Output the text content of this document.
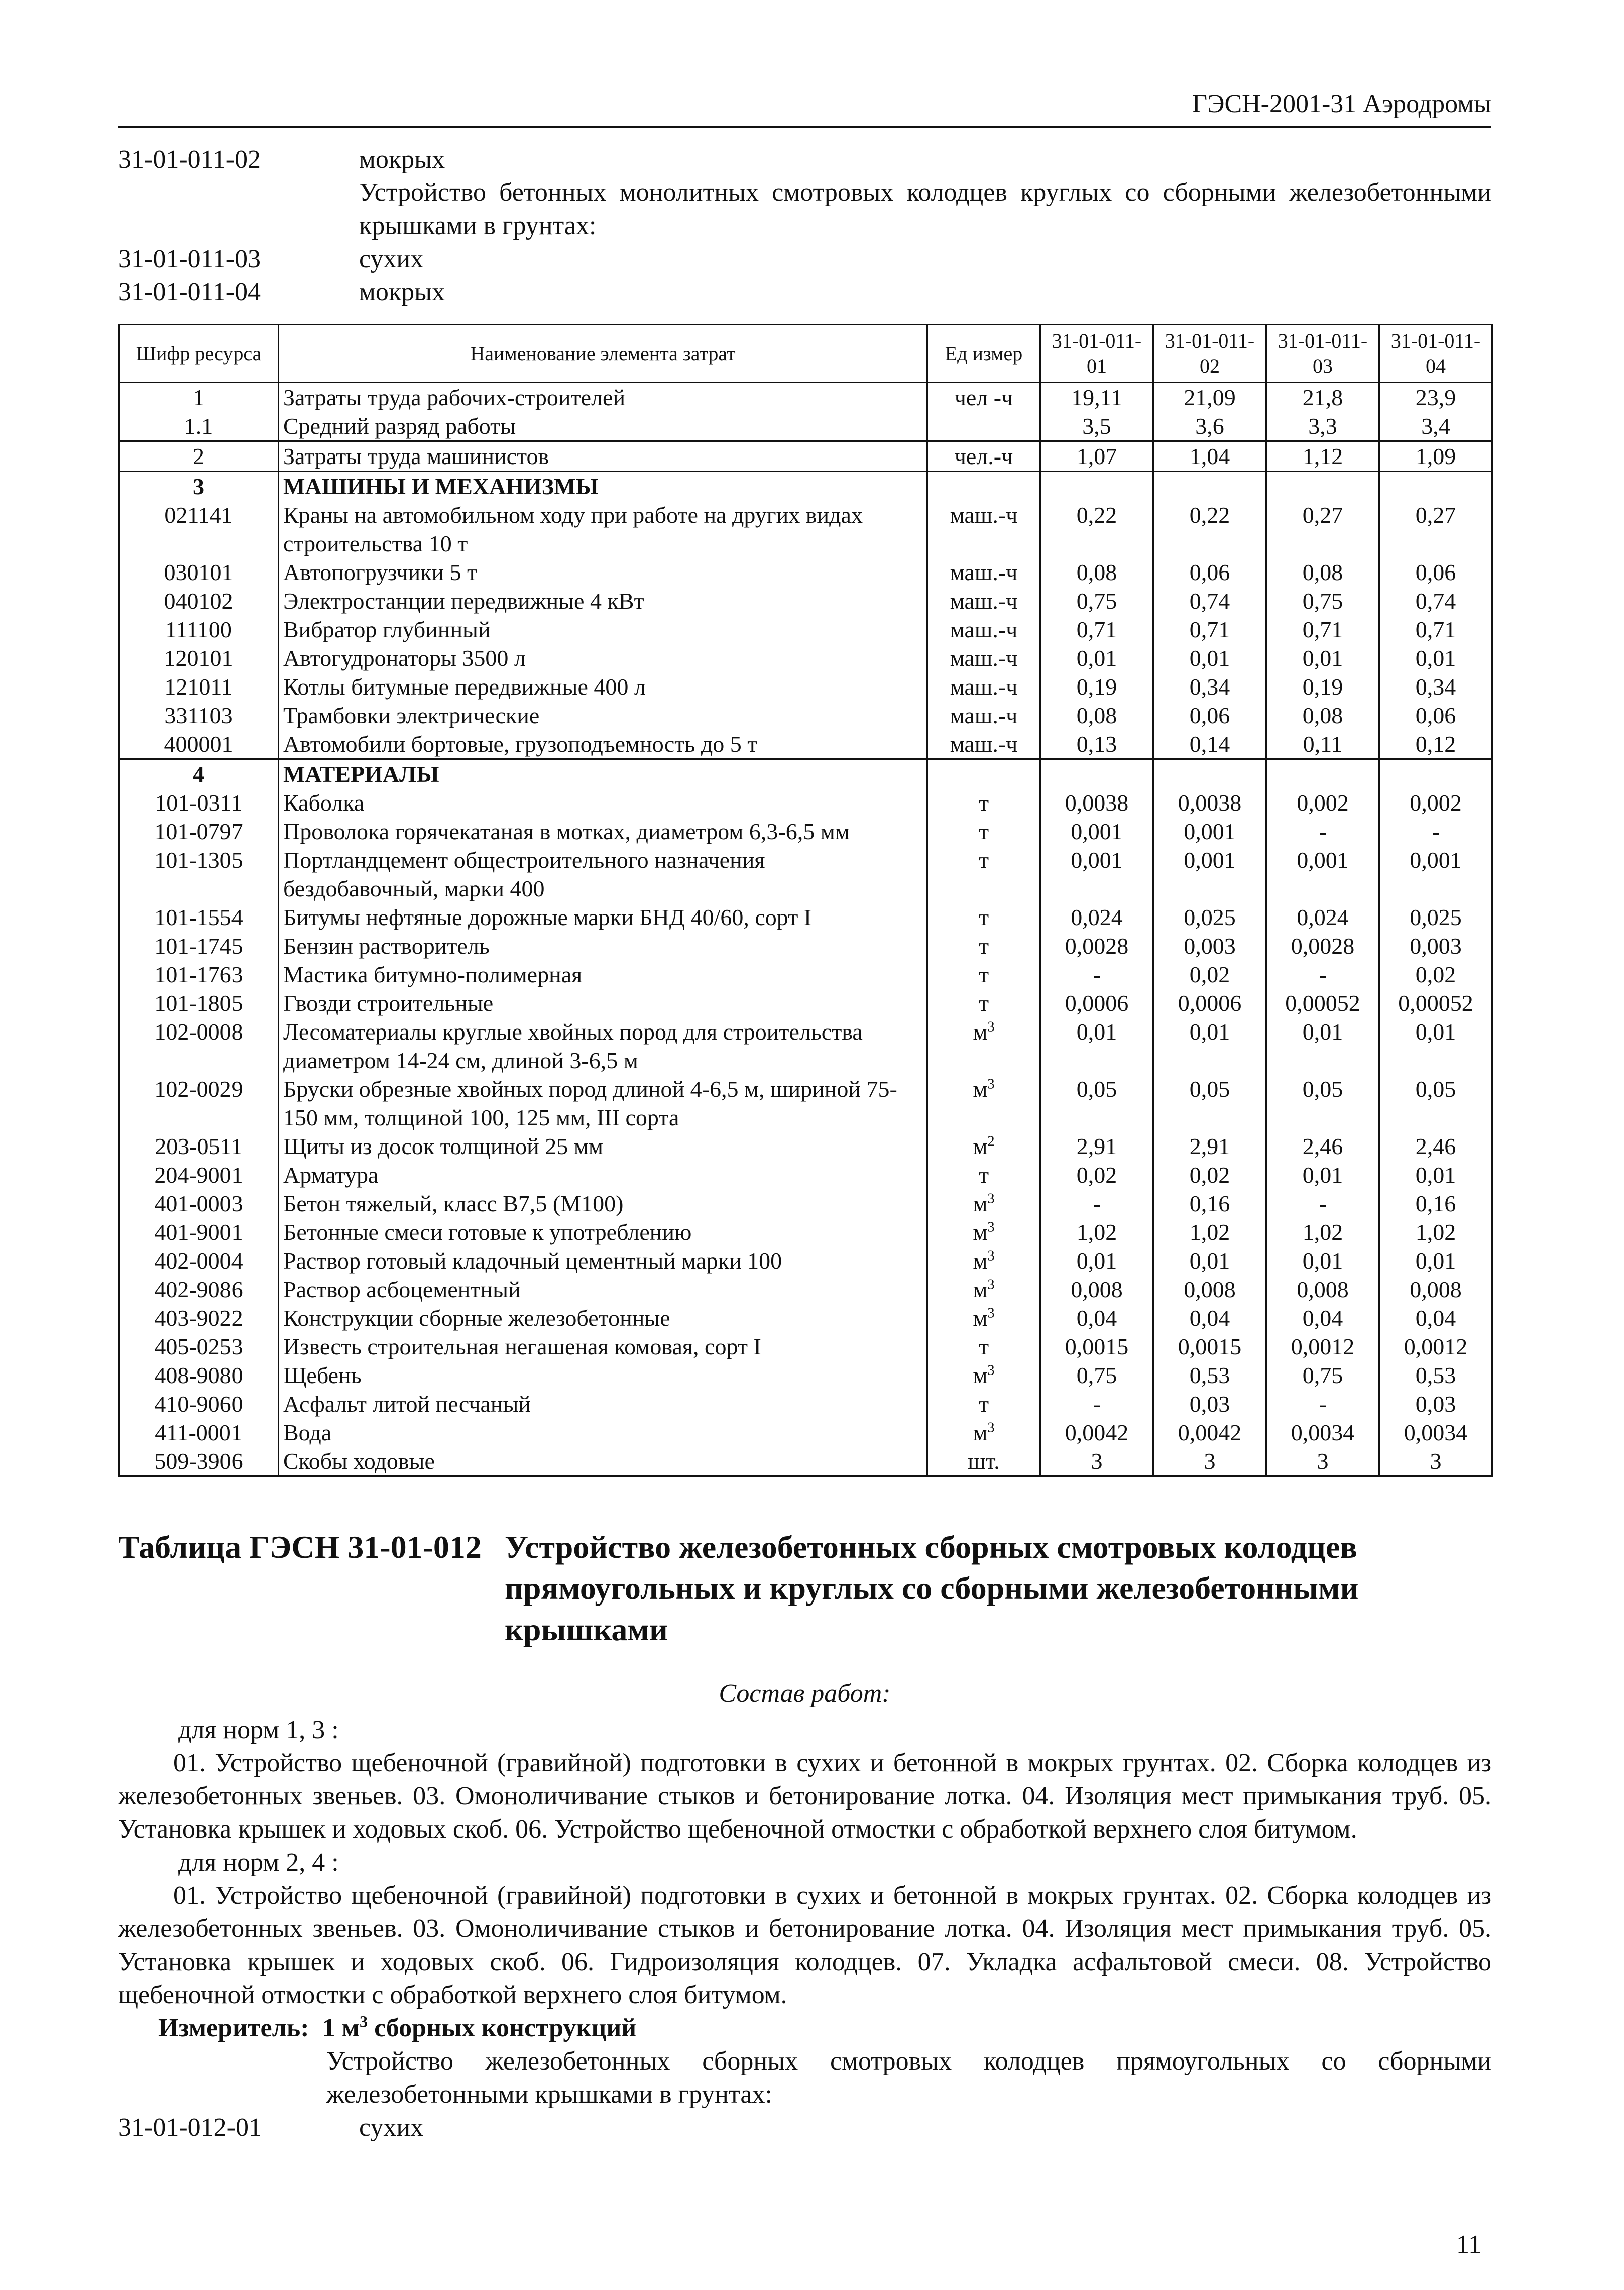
ГЭСН-2001-31 Аэродромы
31-01-011-02	мокрых
Устройство бетонных монолитных смотровых колодцев круглых со сборными железобетонными крышками в грунтах:
31-01-011-03	сухих
31-01-011-04	мокрых
Шифр ресурса	Наименование элемента затрат	Ед измер	31-01-011-01	31-01-011-02	31-01-011-03	31-01-011-04
1	Затраты труда рабочих-строителей	чел -ч	19,11	21,09	21,8	23,9
1.1	Средний разряд работы		3,5	3,6	3,3	3,4
2	Затраты труда машинистов	чел.-ч	1,07	1,04	1,12	1,09
3	МАШИНЫ И МЕХАНИЗМЫ					
021141	Краны на автомобильном ходу при работе на других видах строительства 10 т	маш.-ч	0,22	0,22	0,27	0,27
030101	Автопогрузчики 5 т	маш.-ч	0,08	0,06	0,08	0,06
040102	Электростанции передвижные 4 кВт	маш.-ч	0,75	0,74	0,75	0,74
111100	Вибратор глубинный	маш.-ч	0,71	0,71	0,71	0,71
120101	Автогудронаторы 3500 л	маш.-ч	0,01	0,01	0,01	0,01
121011	Котлы битумные передвижные 400 л	маш.-ч	0,19	0,34	0,19	0,34
331103	Трамбовки электрические	маш.-ч	0,08	0,06	0,08	0,06
400001	Автомобили бортовые, грузоподъемность до 5 т	маш.-ч	0,13	0,14	0,11	0,12
4	МАТЕРИАЛЫ					
101-0311	Каболка	т	0,0038	0,0038	0,002	0,002
101-0797	Проволока горячекатаная в мотках, диаметром 6,3-6,5 мм	т	0,001	0,001	-	-
101-1305	Портландцемент общестроительного назначения бездобавочный, марки 400	т	0,001	0,001	0,001	0,001
101-1554	Битумы нефтяные дорожные марки БНД 40/60, сорт I	т	0,024	0,025	0,024	0,025
101-1745	Бензин растворитель	т	0,0028	0,003	0,0028	0,003
101-1763	Мастика битумно-полимерная	т	-	0,02	-	0,02
101-1805	Гвозди строительные	т	0,0006	0,0006	0,00052	0,00052
102-0008	Лесоматериалы круглые хвойных пород для строительства диаметром 14-24 см, длиной 3-6,5 м	$м^3$	0,01	0,01	0,01	0,01
102-0029	Бруски обрезные хвойных пород длиной 4-6,5 м, шириной 75-150 мм, толщиной 100, 125 мм, III сорта	$м^3$	0,05	0,05	0,05	0,05
203-0511	Щиты из досок толщиной 25 мм	$м^2$	2,91	2,91	2,46	2,46
204-9001	Арматура	т	0,02	0,02	0,01	0,01
401-0003	Бетон тяжелый, класс В7,5 (М100)	$м^3$	-	0,16	-	0,16
401-9001	Бетонные смеси готовые к употреблению	$м^3$	1,02	1,02	1,02	1,02
402-0004	Раствор готовый кладочный цементный марки 100	$м^3$	0,01	0,01	0,01	0,01
402-9086	Раствор асбоцементный	$м^3$	0,008	0,008	0,008	0,008
403-9022	Конструкции сборные железобетонные	$м^3$	0,04	0,04	0,04	0,04
405-0253	Известь строительная негашеная комовая, сорт I	т	0,0015	0,0015	0,0012	0,0012
408-9080	Щебень	$м^3$	0,75	0,53	0,75	0,53
410-9060	Асфальт литой песчаный	т	-	0,03	-	0,03
411-0001	Вода	$м^3$	0,0042	0,0042	0,0034	0,0034
509-3906	Скобы ходовые	шт.	3	3	3	3
Таблица ГЭСН 31-01-012 Устройство железобетонных сборных смотровых колодцев прямоугольных и круглых со сборными железобетонными крышками
Состав работ:
для норм 1, 3 :
01. Устройство щебеночной (гравийной) подготовки в сухих и бетонной в мокрых грунтах. 02. Сборка колодцев из железобетонных звеньев. 03. Омоноличивание стыков и бетонирование лотка. 04. Изоляция мест примыкания труб. 05. Установка крышек и ходовых скоб. 06. Устройство щебеночной отмостки с обработкой верхнего слоя битумом.
для норм 2, 4 :
01. Устройство щебеночной (гравийной) подготовки в сухих и бетонной в мокрых грунтах. 02. Сборка колодцев из железобетонных звеньев. 03. Омоноличивание стыков и бетонирование лотка. 04. Изоляция мест примыкания труб. 05. Установка крышек и ходовых скоб. 06. Гидроизоляция колодцев. 07. Укладка асфальтовой смеси. 08. Устройство щебеночной отмостки с обработкой верхнего слоя битумом.
Измеритель: 1 $м^3$ сборных конструкций
Устройство железобетонных сборных смотровых колодцев прямоугольных со сборными железобетонными крышками в грунтах:
31-01-012-01	сухих
11
